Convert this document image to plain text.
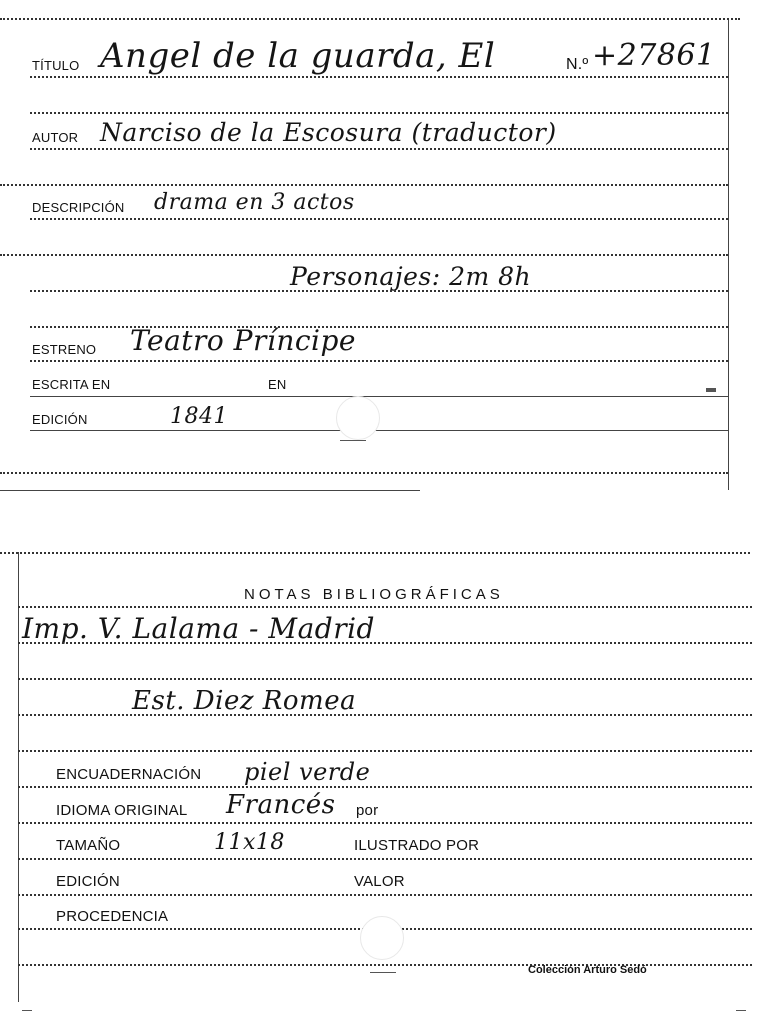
TÍTULO Angel de la guarda, El	N.º +27861
AUTOR Narciso de la Escosura (traductor)
DESCRIPCIÓN drama en 3 actos
Personajes: 2m 8h
ESTRENO Teatro Príncipe
ESCRITA EN	EN
EDICIÓN	1841
NOTAS BIBLIOGRÁFICAS
Imp. V. Lalama - Madrid
Est. Diez Romea
ENCUADERNACIÓN piel verde
IDIOMA ORIGINAL Francés por
TAMAÑO	11x18	ILUSTRADO POR
EDICIÓN	VALOR
PROCEDENCIA
Colección Arturo Sedó
